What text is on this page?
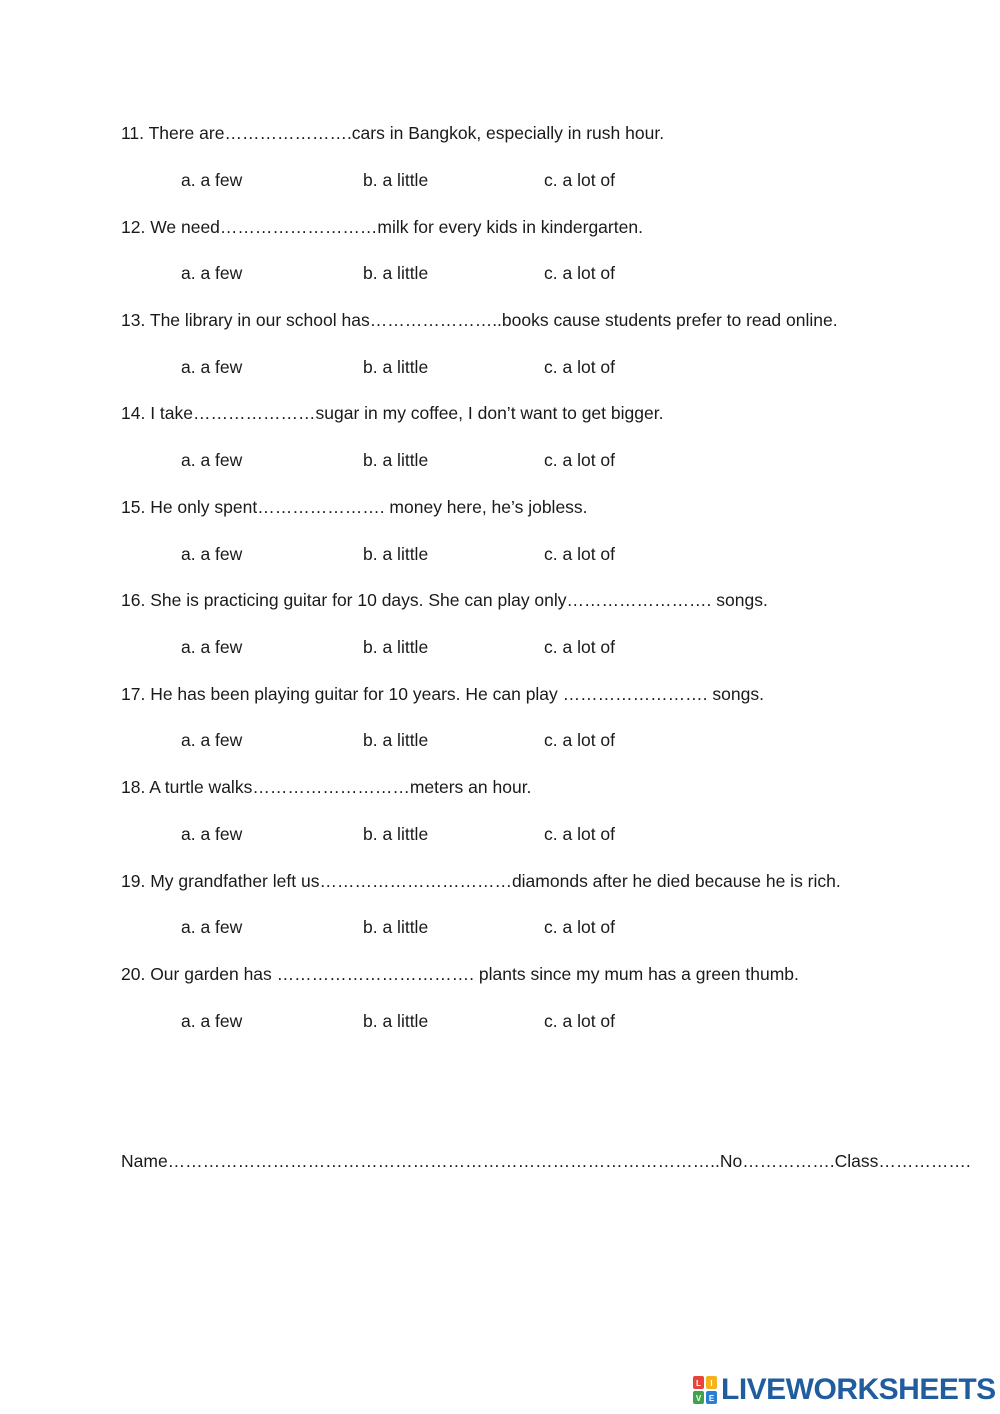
11. There are………………….cars in Bangkok, especially in rush hour.
a. a few	b. a little	c. a lot of
12. We need………………………milk for every kids in kindergarten.
a. a few	b. a little	c. a lot of
13. The library in our school has…………………..books cause students prefer to read online.
a. a few	b. a little	c. a lot of
14. I take…………………sugar in my coffee, I don’t want to get bigger.
a. a few	b. a little	c. a lot of
15. He only spent…………………. money here, he’s jobless.
a. a few	b. a little	c. a lot of
16. She is practicing guitar for 10 days. She can play only……………………. songs.
a. a few	b. a little	c. a lot of
17. He has been playing guitar for 10 years. He can play ……………………. songs.
a. a few	b. a little	c. a lot of
18. A turtle walks………………………meters an hour.
a. a few	b. a little	c. a lot of
19. My grandfather left us……………………………diamonds after he died because he is rich.
a. a few	b. a little	c. a lot of
20. Our garden has ……………………………. plants since my mum has a green thumb.
a. a few	b. a little	c. a lot of
Name…………………………………………………………………………………..No…………….Class…………….
L I
V E LIVEWORKSHEETS
